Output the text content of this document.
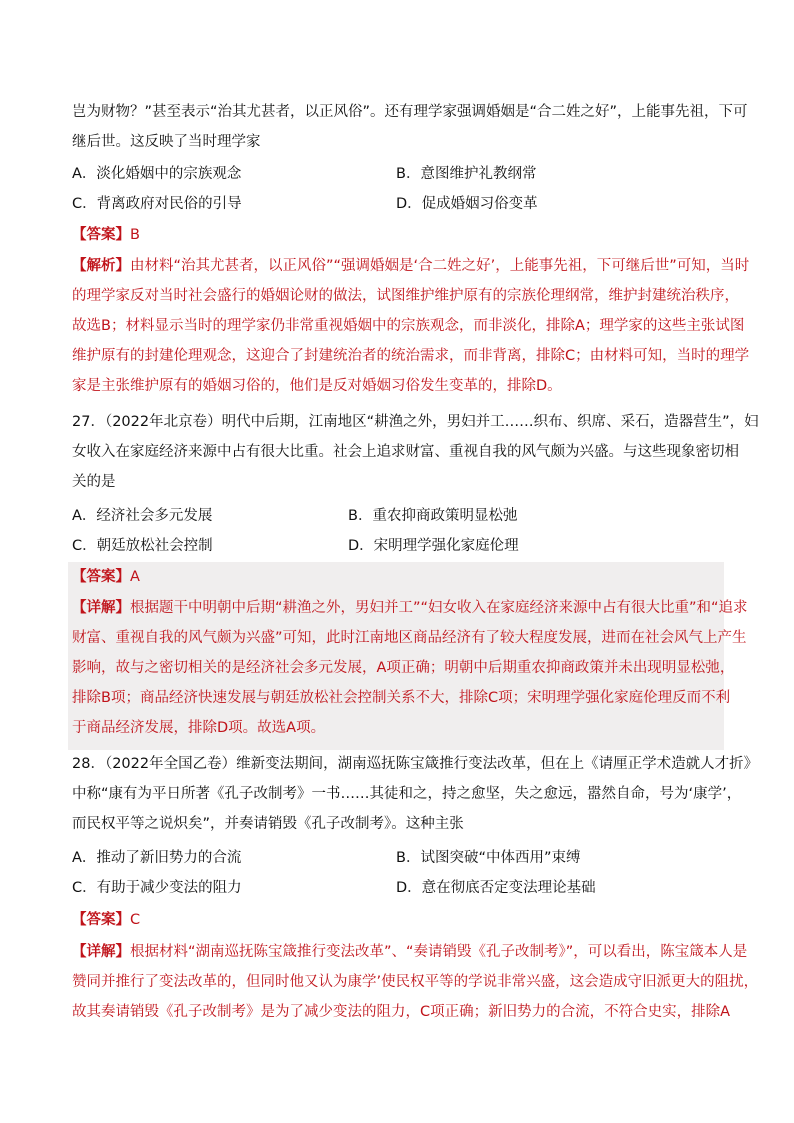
岂为财物？”甚至表示“治其尤甚者，以正风俗”。还有理学家强调婚姻是“合二姓之好”，上能事先祖，下可
继后世。这反映了当时理学家
A．淡化婚姻中的宗族观念	B．意图维护礼教纲常
C．背离政府对民俗的引导	D．促成婚姻习俗变革
【答案】B
【解析】由材料“治其尤甚者，以正风俗”“强调婚姻是‘合二姓之好’，上能事先祖，下可继后世”可知，当时
的理学家反对当时社会盛行的婚姻论财的做法，试图维护维护原有的宗族伦理纲常，维护封建统治秩序，
故选B；材料显示当时的理学家仍非常重视婚姻中的宗族观念，而非淡化，排除A；理学家的这些主张试图
维护原有的封建伦理观念，这迎合了封建统治者的统治需求，而非背离，排除C；由材料可知，当时的理学
家是主张维护原有的婚姻习俗的，他们是反对婚姻习俗发生变革的，排除D。
27．（2022年北京卷）明代中后期，江南地区“耕渔之外，男妇并工……织布、织席、采石，造器营生”，妇
女收入在家庭经济来源中占有很大比重。社会上追求财富、重视自我的风气颇为兴盛。与这些现象密切相
关的是
A．经济社会多元发展	B．重农抑商政策明显松弛
C．朝廷放松社会控制	D．宋明理学强化家庭伦理
【答案】A
【详解】根据题干中明朝中后期“耕渔之外，男妇并工”“妇女收入在家庭经济来源中占有很大比重”和“追求
财富、重视自我的风气颇为兴盛”可知，此时江南地区商品经济有了较大程度发展，进而在社会风气上产生
影响，故与之密切相关的是经济社会多元发展，A项正确；明朝中后期重农抑商政策并未出现明显松弛，
排除B项；商品经济快速发展与朝廷放松社会控制关系不大，排除C项；宋明理学强化家庭伦理反而不利
于商品经济发展，排除D项。故选A项。
28．（2022年全国乙卷）维新变法期间，湖南巡抚陈宝箴推行变法改革，但在上《请厘正学术造就人才折》
中称“康有为平日所著《孔子改制考》一书……其徒和之，持之愈坚，失之愈远，嚣然自命，号为‘康学’，
而民权平等之说炽矣”，并奏请销毁《孔子改制考》。这种主张
A．推动了新旧势力的合流	B．试图突破“中体西用”束缚
C．有助于减少变法的阻力	D．意在彻底否定变法理论基础
【答案】C
【详解】根据材料“湖南巡抚陈宝箴推行变法改革”、“奏请销毁《孔子改制考》”，可以看出，陈宝箴本人是
赞同并推行了变法改革的，但同时他又认为康学’使民权平等的学说非常兴盛，这会造成守旧派更大的阻扰，
故其奏请销毁《孔子改制考》是为了减少变法的阻力，C项正确；新旧势力的合流，不符合史实，排除A
